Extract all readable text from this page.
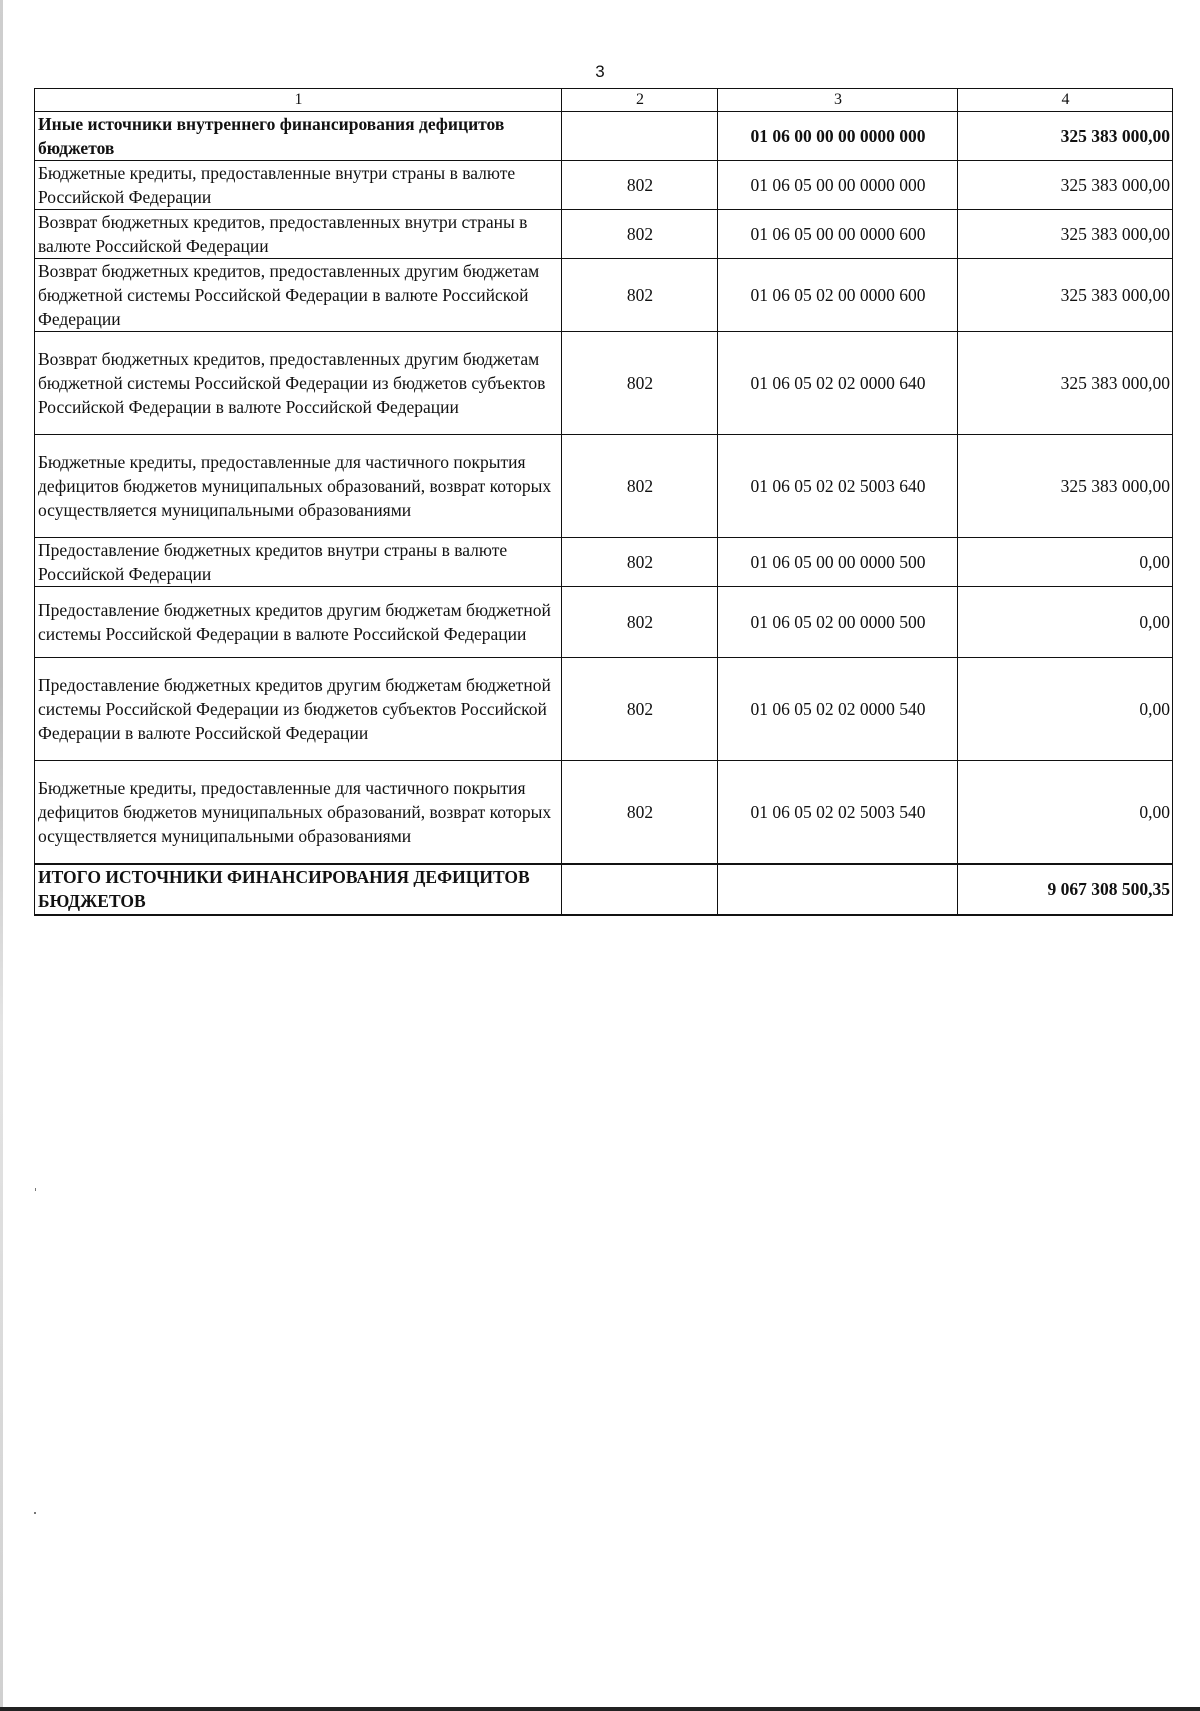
3
1	2	3	4
Иные источники внутреннего финансирования дефицитов бюджетов		01 06 00 00 00 0000 000	325 383 000,00
Бюджетные кредиты, предоставленные внутри страны в валюте Российской Федерации	802	01 06 05 00 00 0000 000	325 383 000,00
Возврат бюджетных кредитов, предоставленных внутри страны в валюте Российской Федерации	802	01 06 05 00 00 0000 600	325 383 000,00
Возврат бюджетных кредитов, предоставленных другим бюджетам бюджетной системы Российской Федерации в валюте Российской Федерации	802	01 06 05 02 00 0000 600	325 383 000,00
Возврат бюджетных кредитов, предоставленных другим бюджетам бюджетной системы Российской Федерации из бюджетов субъектов Российской Федерации в валюте Российской Федерации	802	01 06 05 02 02 0000 640	325 383 000,00
Бюджетные кредиты, предоставленные для частичного покрытия дефицитов бюджетов муниципальных образований, возврат которых осуществляется муниципальными образованиями	802	01 06 05 02 02 5003 640	325 383 000,00
Предоставление бюджетных кредитов внутри страны в валюте Российской Федерации	802	01 06 05 00 00 0000 500	0,00
Предоставление бюджетных кредитов другим бюджетам бюджетной системы Российской Федерации в валюте Российской Федерации	802	01 06 05 02 00 0000 500	0,00
Предоставление бюджетных кредитов другим бюджетам бюджетной системы Российской Федерации из бюджетов субъектов Российской Федерации в валюте Российской Федерации	802	01 06 05 02 02 0000 540	0,00
Бюджетные кредиты, предоставленные для частичного покрытия дефицитов бюджетов муниципальных образований, возврат которых осуществляется муниципальными образованиями	802	01 06 05 02 02 5003 540	0,00
ИТОГО ИСТОЧНИКИ ФИНАНСИРОВАНИЯ ДЕФИЦИТОВ БЮДЖЕТОВ			9 067 308 500,35
